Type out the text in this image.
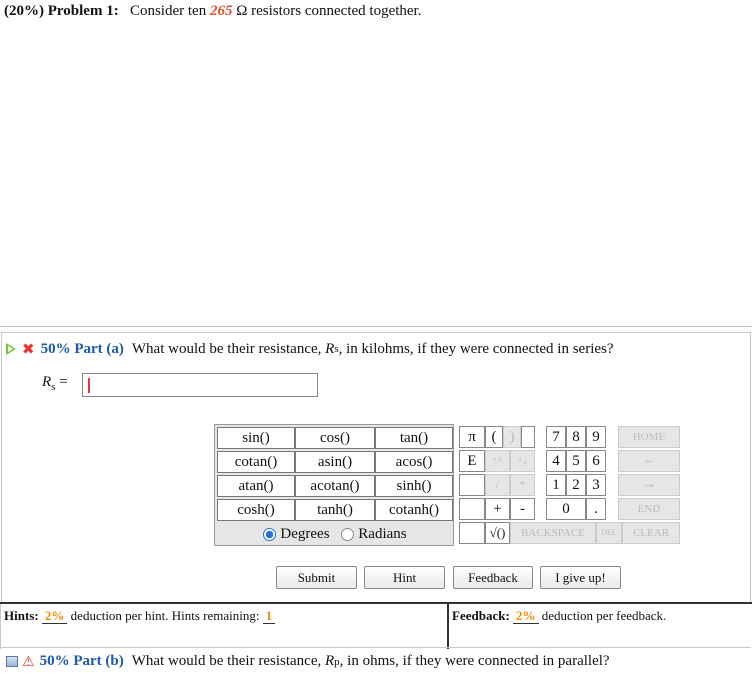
(20%) Problem 1: Consider ten 265 Ω resistors connected together.
✖ 50% Part (a) What would be their resistance,
R s , in kilohms, if they were connected in series?
$R_s$ =
sin()	cos()	tan()
cotan()	asin()	acos()
atan()	acotan()	sinh()
cosh()	tanh()	cotanh()
Degrees
Radians
π	( )	7 8 9	HOME
E	↑^	^↓	4 5 6	←
/	*	1 2 3	→
+	-	0	.	END
√()	BACKSPACE	DEL	CLEAR
Submit	Hint	Feedback	I give up!
Hints: 2% deduction per hint. Hints remaining: 1	Feedback: 2% deduction per feedback.
⚠ 50% Part (b) What would be their resistance,
R p , in ohms, if they were connected in parallel?
